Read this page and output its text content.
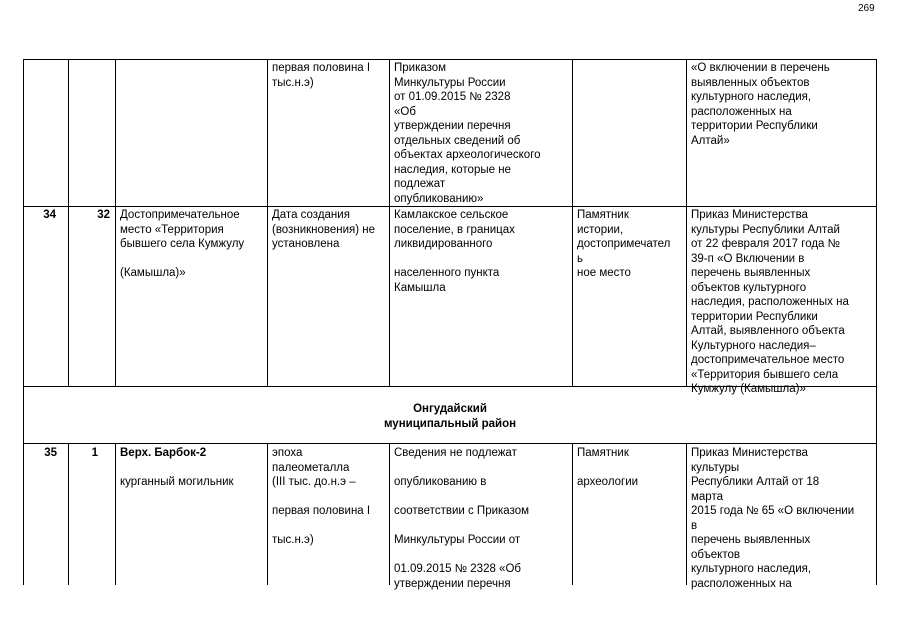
269
первая половина I
тыс.н.э)
Приказом
Минкультуры России
от 01.09.2015 № 2328
«Об
утверждении перечня
отдельных сведений об
объектах археологического
наследия, которые не
подлежат
опубликованию»
«О включении в перечень
выявленных объектов
культурного наследия,
расположенных на
территории Республики
Алтай»
34	32 Достопримечательное
место «Территория
бывшего села Кумжулу

(Камышла)»
Дата создания
(возникновения) не
установлена
Камлакское сельское
поселение, в границах
ликвидированного

населенного пункта
Камышла
Памятник
истории,
достопримечател
ь
ное место
Приказ Министерства
культуры Республики Алтай
от 22 февраля 2017 года №
39-п «О Включении в
перечень выявленных
объектов культурного
наследия, расположенных на
территории Республики
Алтай, выявленного объекта
Культурного наследия–
достопримечательное место
«Территория бывшего села
Кумжулу (Камышла)»
Онгудайский
муниципальный район
35	1 Верх. Барбок-2
курганный могильник
эпоха
палеометалла
(III тыс. до.н.э –

первая половина I

тыс.н.э)
Сведения не подлежат

опубликованию в

соответствии с Приказом

Минкультуры России от

01.09.2015 № 2328 «Об
утверждении перечня
Памятник

археологии
Приказ Министерства
культуры
Республики Алтай от 18
марта
2015 года № 65 «О включении
в
перечень выявленных
объектов
культурного наследия,
расположенных на
